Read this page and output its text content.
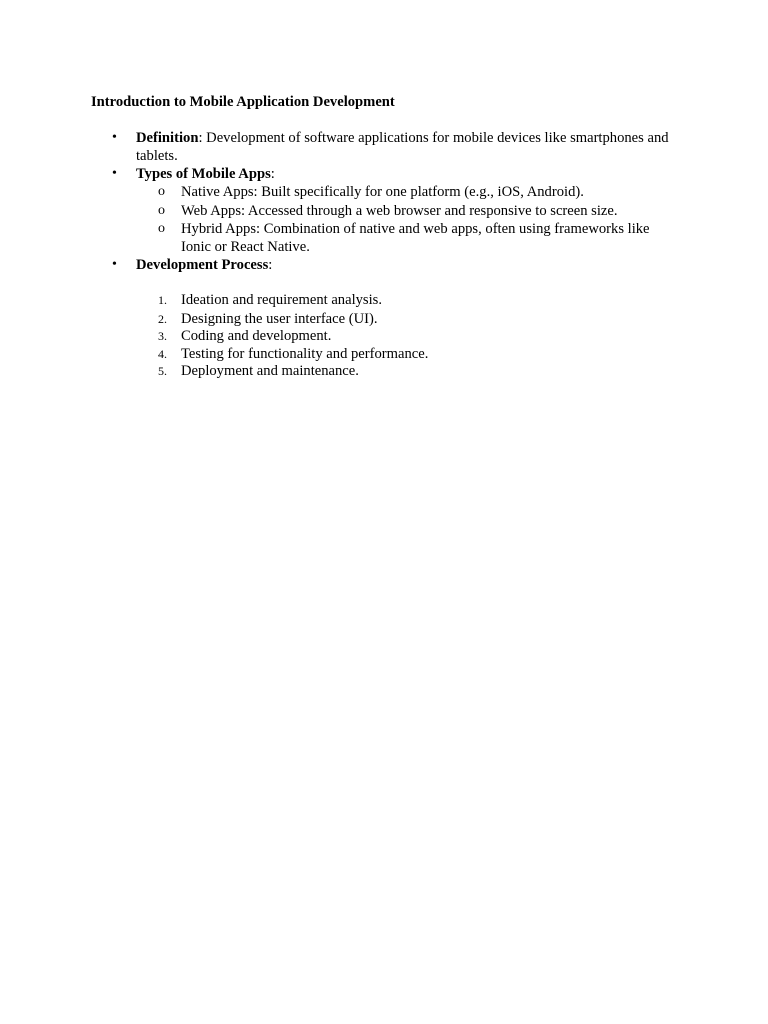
Introduction to Mobile Application Development
• Definition: Development of software applications for mobile devices like smartphones and tablets.
• Types of Mobile Apps:
o Native Apps: Built specifically for one platform (e.g., iOS, Android).
o Web Apps: Accessed through a web browser and responsive to screen size.
o Hybrid Apps: Combination of native and web apps, often using frameworks like Ionic or React Native.
• Development Process:
1. Ideation and requirement analysis.
2. Designing the user interface (UI).
3. Coding and development.
4. Testing for functionality and performance.
5. Deployment and maintenance.
